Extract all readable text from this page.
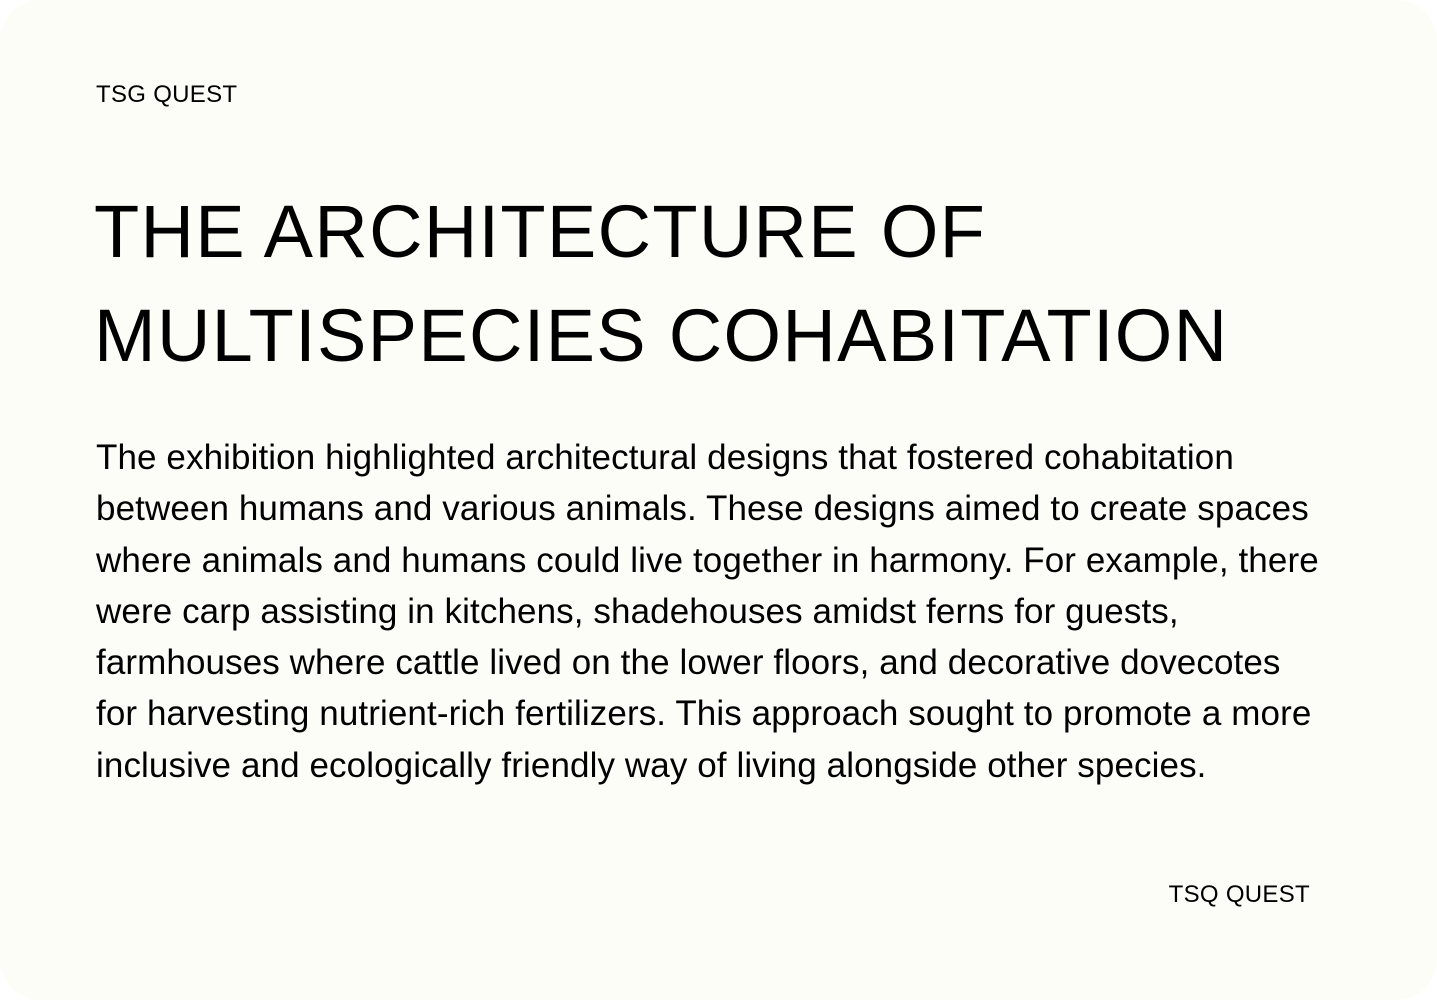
TSG QUEST
THE ARCHITECTURE OF
MULTISPECIES COHABITATION

The exhibition highlighted architectural designs that fostered cohabitation between humans and various animals. These designs aimed to create spaces where animals and humans could live together in harmony. For example, there were carp assisting in kitchens, shadehouses amidst ferns for guests, farmhouses where cattle lived on the lower floors, and decorative dovecotes for harvesting nutrient-rich fertilizers. This approach sought to promote a more inclusive and ecologically friendly way of living alongside other species.

TSQ QUEST
